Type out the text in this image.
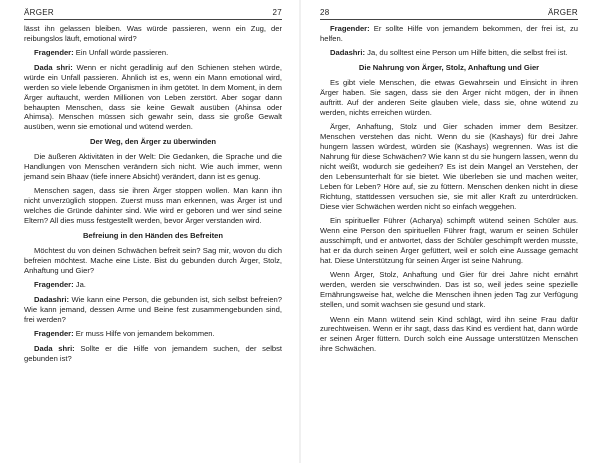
ÄRGER	27

lässt ihn gelassen bleiben. Was würde passieren, wenn ein Zug, der reibungslos läuft, emotional wird?

Fragender: Ein Unfall würde passieren.

Dada shri: Wenn er nicht geradlinig auf den Schienen stehen würde, würde ein Unfall passieren. Ähnlich ist es, wenn ein Mann emotional wird, werden so viele lebende Organismen in ihm getötet. In dem Moment, in dem Ärger auftaucht, werden Millionen von Leben zerstört. Aber sogar dann behaupten Menschen, dass sie keine Gewalt ausüben (Ahinsa oder Ahimsa). Menschen müssen sich gewahr sein, dass sie große Gewalt ausüben, wenn sie emotional und wütend werden.

Der Weg, den Ärger zu überwinden

Die äußeren Aktivitäten in der Welt: Die Gedanken, die Sprache und die Handlungen von Menschen verändern sich nicht. Wie auch immer, wenn jemand sein Bhaav (tiefe innere Absicht) verändert, dann ist es genug.

Menschen sagen, dass sie ihren Ärger stoppen wollen. Man kann ihn nicht unverzüglich stoppen. Zuerst muss man erkennen, was Ärger ist und welches die Gründe dahinter sind. Wie wird er geboren und wer sind seine Eltern? All dies muss festgestellt werden, bevor Ärger verstanden wird.

Befreiung in den Händen des Befreiten

Möchtest du von deinen Schwächen befreit sein? Sag mir, wovon du dich befreien möchtest. Mache eine Liste. Bist du gebunden durch Ärger, Stolz, Anhaftung und Gier?

Fragender: Ja.

Dadashri: Wie kann eine Person, die gebunden ist, sich selbst befreien? Wie kann jemand, dessen Arme und Beine fest zusammengebunden sind, frei werden?

Fragender: Er muss Hilfe von jemandem bekommen.

Dada shri: Sollte er die Hilfe von jemandem suchen, der selbst gebunden ist?

28	ÄRGER

Fragender: Er sollte Hilfe von jemandem bekommen, der frei ist, zu helfen.

Dadashri: Ja, du solltest eine Person um Hilfe bitten, die selbst frei ist.

Die Nahrung von Ärger, Stolz, Anhaftung und Gier

Es gibt viele Menschen, die etwas Gewahrsein und Einsicht in ihren Ärger haben. Sie sagen, dass sie den Ärger nicht mögen, der in ihnen auftritt. Auf der anderen Seite glauben viele, dass sie, ohne wütend zu werden, nichts erreichen würden.

Ärger, Anhaftung, Stolz und Gier schaden immer dem Besitzer. Menschen verstehen das nicht. Wenn du sie (Kashays) für drei Jahre hungern lassen würdest, würden sie (Kashays) wegrennen. Was ist die Nahrung für diese Schwächen? Wie kann st du sie hungern lassen, wenn du nicht weißt, wodurch sie gedeihen? Es ist dein Mangel an Verstehen, der den Lebensunterhalt für sie bietet. Wie überleben sie und machen weiter, Leben für Leben? Höre auf, sie zu füttern. Menschen denken nicht in diese Richtung, stattdessen versuchen sie, sie mit aller Kraft zu unterdrücken. Diese vier Schwächen werden nicht so einfach weggehen.

Ein spiritueller Führer (Acharya) schimpft wütend seinen Schüler aus. Wenn eine Person den spirituellen Führer fragt, warum er seinen Schüler ausschimpft, und er antwortet, dass der Schüler geschimpft werden musste, hat er da durch seinen Ärger gefüttert, weil er solch eine Aussage gemacht hat. Diese Unterstützung für seinen Ärger ist seine Nahrung.

Wenn Ärger, Stolz, Anhaftung und Gier für drei Jahre nicht ernährt werden, werden sie verschwinden. Das ist so, weil jedes seine spezielle Ernährungsweise hat, welche die Menschen ihnen jeden Tag zur Verfügung stellen, und somit wachsen sie gesund und stark.

Wenn ein Mann wütend sein Kind schlägt, wird ihn seine Frau dafür zurechtweisen. Wenn er ihr sagt, dass das Kind es verdient hat, dann würde er seinen Ärger füttern. Durch solch eine Aussage unterstützen Menschen ihre Schwächen.
